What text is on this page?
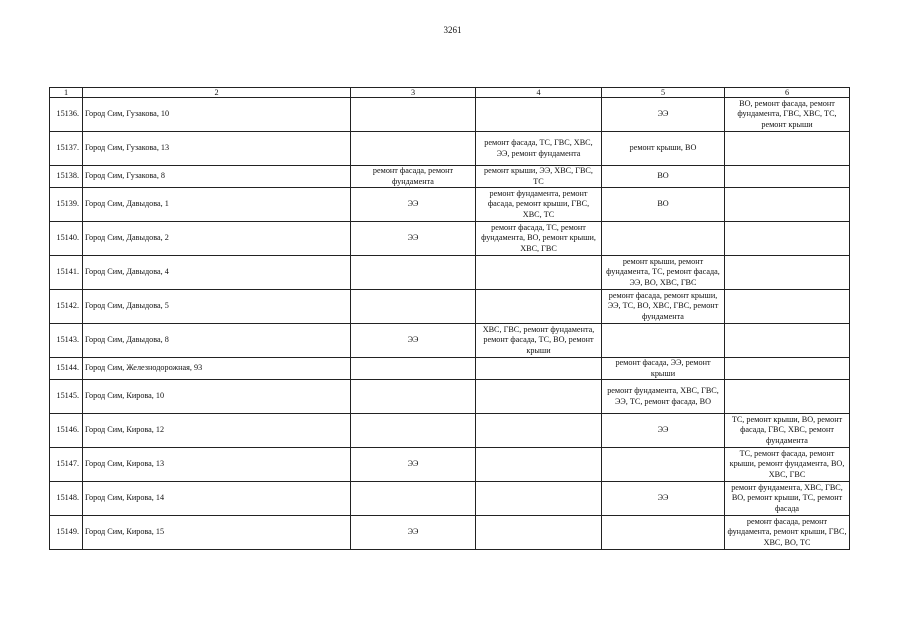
3261
1	2	3	4	5	6
15136.	Город Сим, Гузакова, 10			ЭЭ	ВО, ремонт фасада, ремонт фундамента, ГВС, ХВС, ТС, ремонт крыши
15137.	Город Сим, Гузакова, 13		ремонт фасада, ТС, ГВС, ХВС, ЭЭ, ремонт фундамента	ремонт крыши, ВО	
15138.	Город Сим, Гузакова, 8	ремонт фасада, ремонт фундамента	ремонт крыши, ЭЭ, ХВС, ГВС, ТС	ВО	
15139.	Город Сим, Давыдова, 1	ЭЭ	ремонт фундамента, ремонт фасада, ремонт крыши, ГВС, ХВС, ТС	ВО	
15140.	Город Сим, Давыдова, 2	ЭЭ	ремонт фасада, ТС, ремонт фундамента, ВО, ремонт крыши, ХВС, ГВС		
15141.	Город Сим, Давыдова, 4			ремонт крыши, ремонт фундамента, ТС, ремонт фасада, ЭЭ, ВО, ХВС, ГВС	
15142.	Город Сим, Давыдова, 5			ремонт фасада, ремонт крыши, ЭЭ, ТС, ВО, ХВС, ГВС, ремонт фундамента	
15143.	Город Сим, Давыдова, 8	ЭЭ	ХВС, ГВС, ремонт фундамента, ремонт фасада, ТС, ВО, ремонт крыши		
15144.	Город Сим, Железнодорожная, 93			ремонт фасада, ЭЭ, ремонт крыши	
15145.	Город Сим, Кирова, 10			ремонт фундамента, ХВС, ГВС, ЭЭ, ТС, ремонт фасада, ВО	
15146.	Город Сим, Кирова, 12			ЭЭ	ТС, ремонт крыши, ВО, ремонт фасада, ГВС, ХВС, ремонт фундамента
15147.	Город Сим, Кирова, 13	ЭЭ			ТС, ремонт фасада, ремонт крыши, ремонт фундамента, ВО, ХВС, ГВС
15148.	Город Сим, Кирова, 14			ЭЭ	ремонт фундамента, ХВС, ГВС, ВО, ремонт крыши, ТС, ремонт фасада
15149.	Город Сим, Кирова, 15	ЭЭ			ремонт фасада, ремонт фундамента, ремонт крыши, ГВС, ХВС, ВО, ТС
